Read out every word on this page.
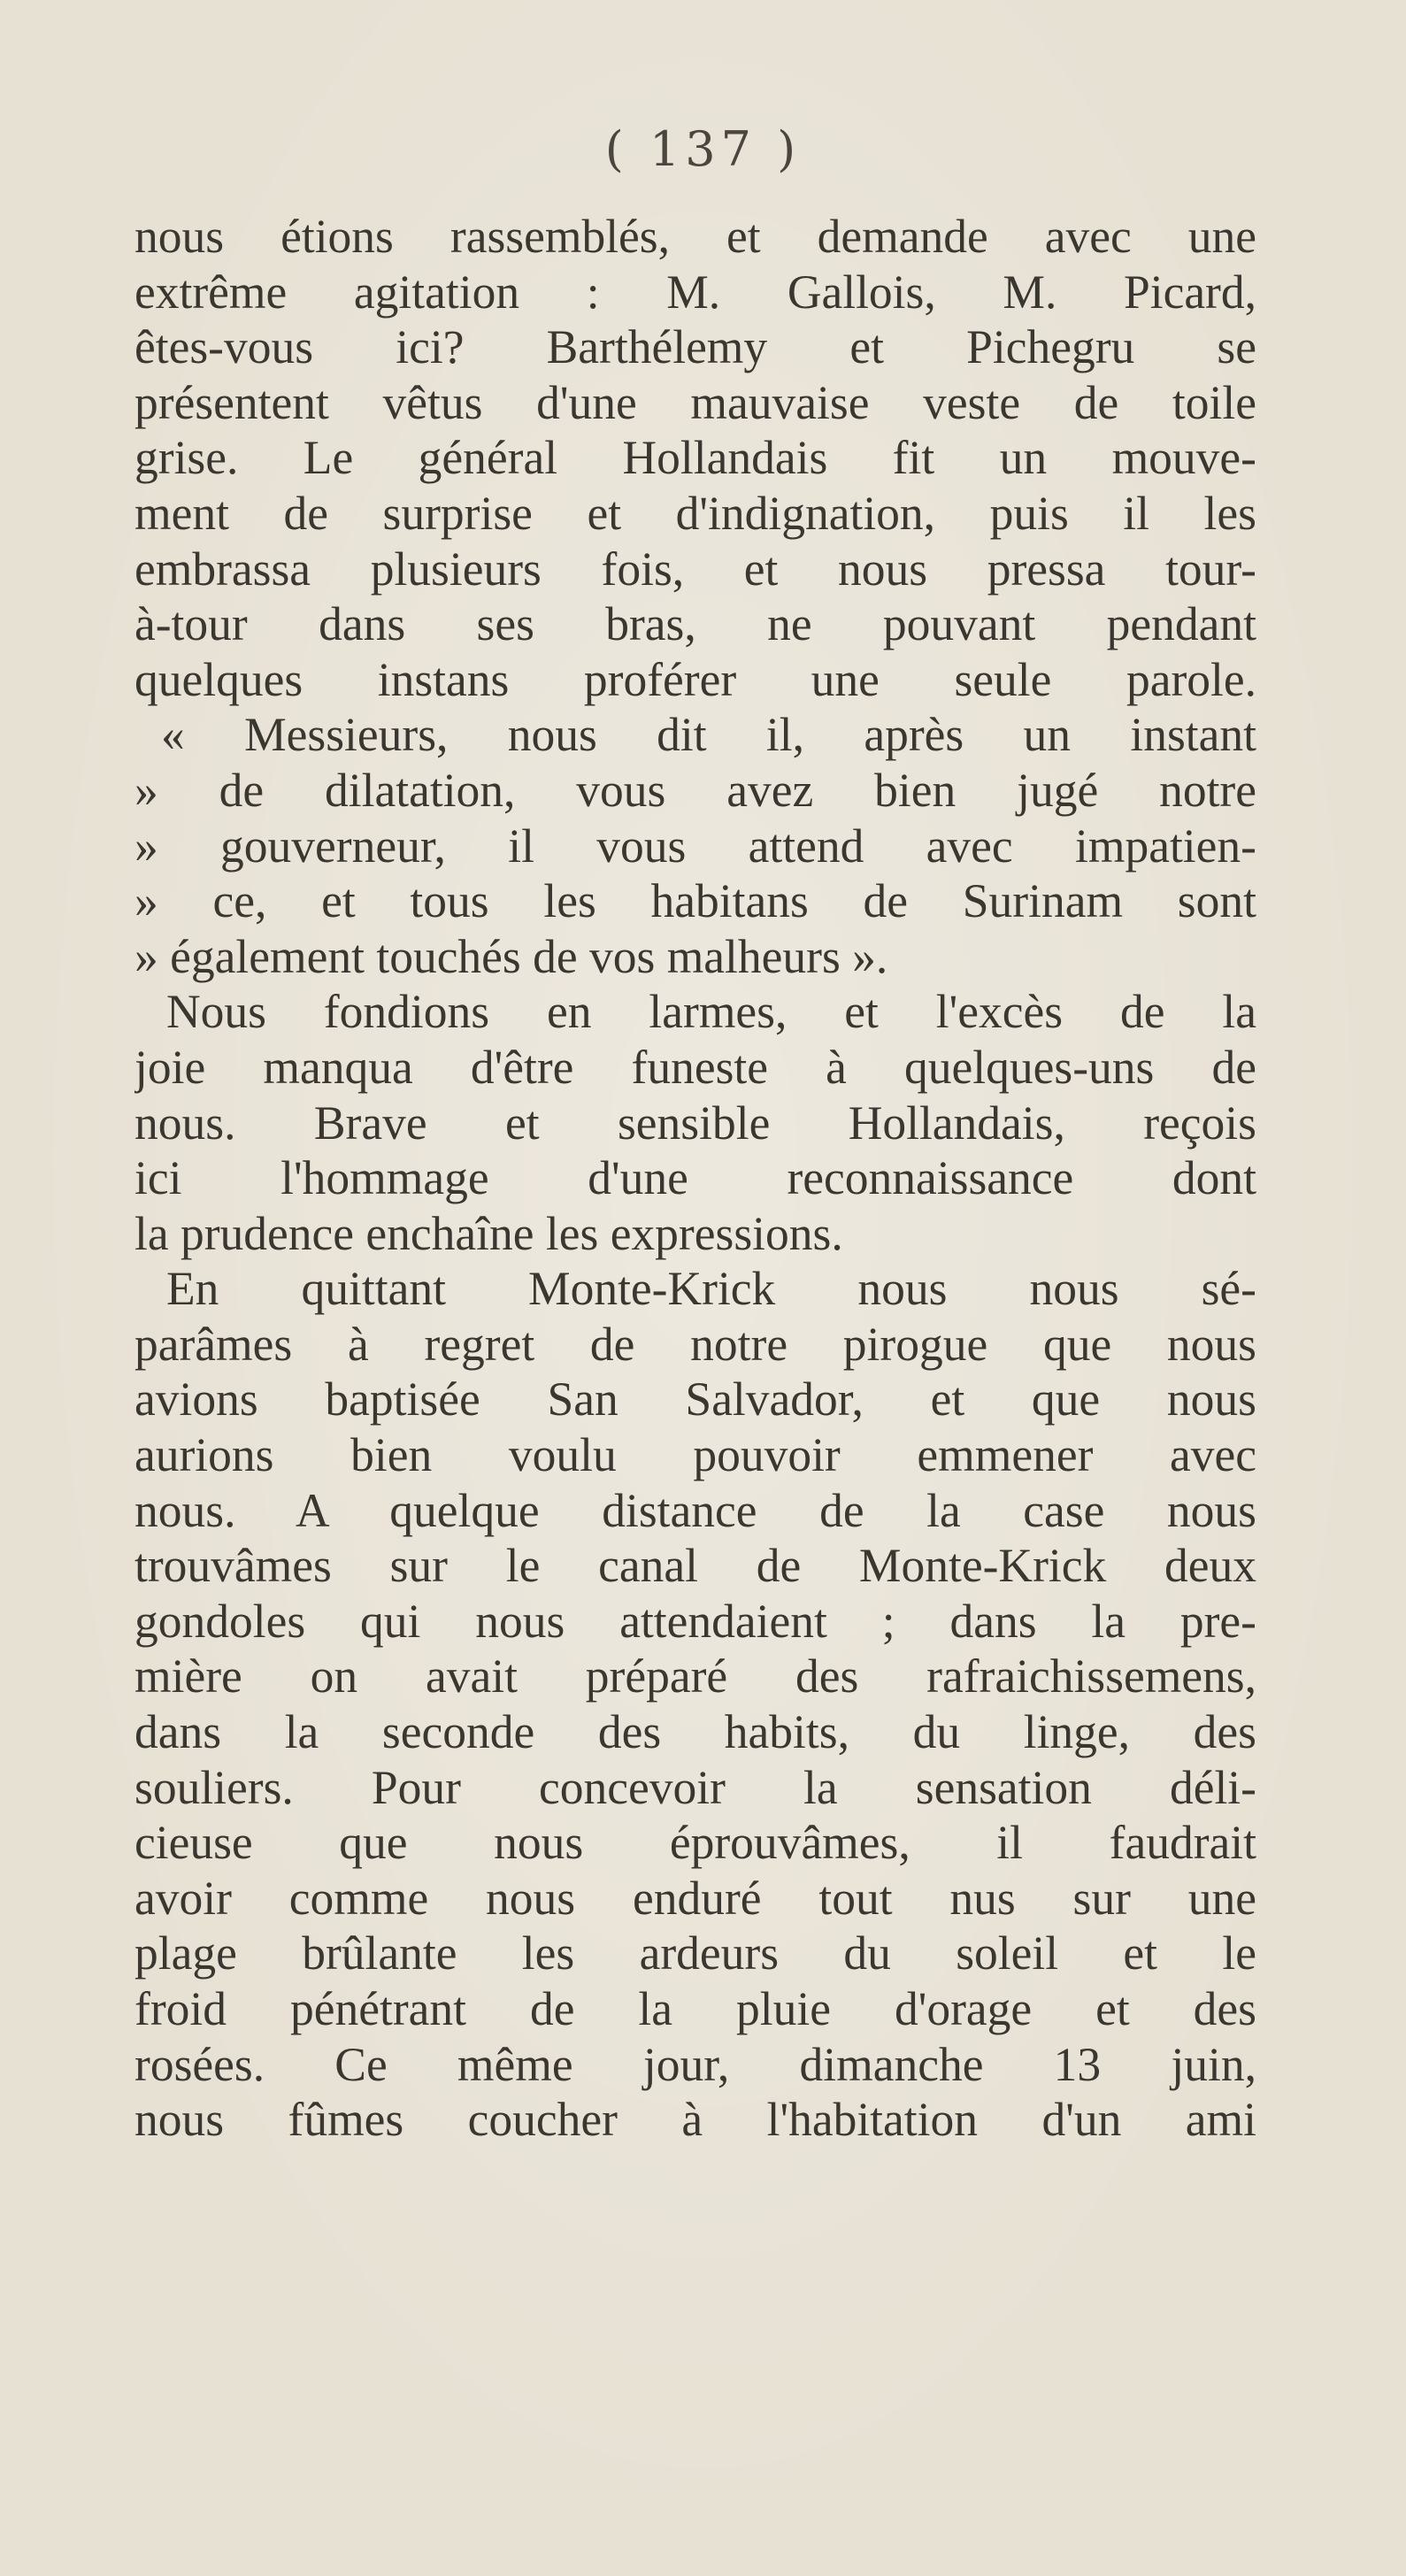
( 137 )
nous étions rassemblés, et demande avec une
extrême agitation : M. Gallois, M. Picard,
êtes-vous ici? Barthélemy et Pichegru se
présentent vêtus d'une mauvaise veste de toile
grise. Le général Hollandais fit un mouve-
ment de surprise et d'indignation, puis il les
embrassa plusieurs fois, et nous pressa tour-
à-tour dans ses bras, ne pouvant pendant
quelques instans proférer une seule parole.
« Messieurs, nous dit il, après un instant
» de dilatation, vous avez bien jugé notre
» gouverneur, il vous attend avec impatien-
» ce, et tous les habitans de Surinam sont
» également touchés de vos malheurs ».
Nous fondions en larmes, et l'excès de la
joie manqua d'être funeste à quelques-uns de
nous. Brave et sensible Hollandais, reçois
ici l'hommage d'une reconnaissance dont
la prudence enchaîne les expressions.
En quittant Monte-Krick nous nous sé-
parâmes à regret de notre pirogue que nous
avions baptisée San Salvador, et que nous
aurions bien voulu pouvoir emmener avec
nous. A quelque distance de la case nous
trouvâmes sur le canal de Monte-Krick deux
gondoles qui nous attendaient ; dans la pre-
mière on avait préparé des rafraichissemens,
dans la seconde des habits, du linge, des
souliers. Pour concevoir la sensation déli-
cieuse que nous éprouvâmes, il faudrait
avoir comme nous enduré tout nus sur une
plage brûlante les ardeurs du soleil et le
froid pénétrant de la pluie d'orage et des
rosées. Ce même jour, dimanche 13 juin,
nous fûmes coucher à l'habitation d'un ami
